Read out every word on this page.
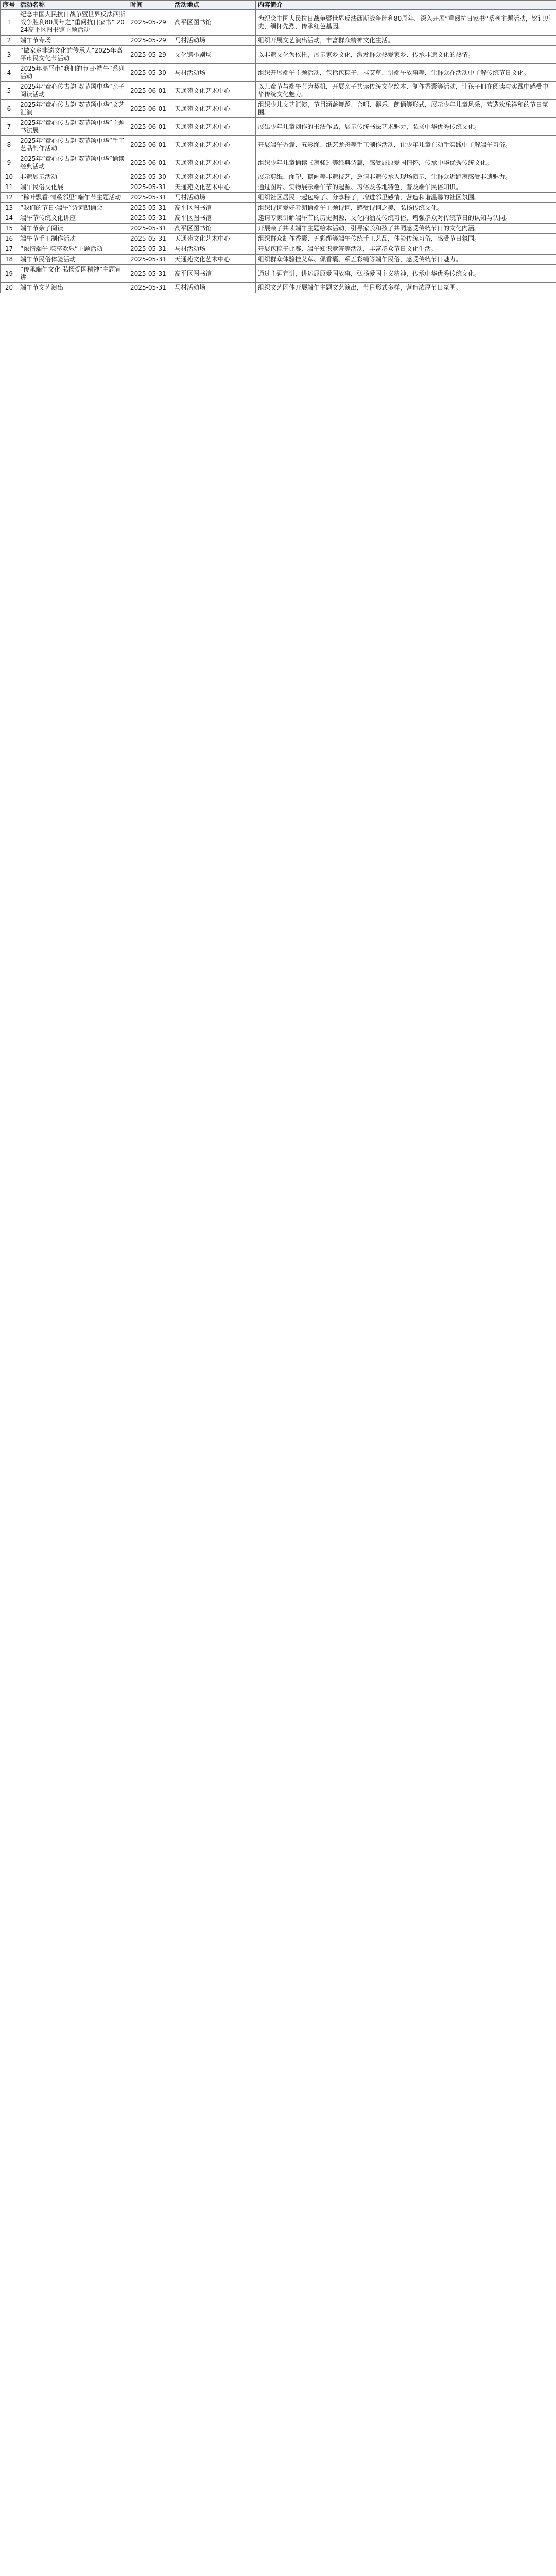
序号	活动名称	时间	活动地点	内容简介
1	纪念中国人民抗日战争暨世界反法西斯战争胜利80周年之“重阅抗日家书” 2024高平区图书馆主题活动	2025-05-29	高平区图书馆	为纪念中国人民抗日战争暨世界反法西斯战争胜利80周年，深入开展“重阅抗日家书”系列主题活动，铭记历史，缅怀先烈，传承红色基因。
2	端午节专场	2025-05-29	马村活动场	组织开展文艺演出活动，丰富群众精神文化生活。
3	“做家乡非遗文化的传承人”2025年高平市民文化节活动	2025-05-29	文化馆小剧场	以非遗文化为依托，展示家乡文化，激发群众热爱家乡、传承非遗文化的热情。
4	2025年高平市“我们的节日·端午”系列活动	2025-05-30	马村活动场	组织开展端午主题活动，包括包粽子、挂艾草、讲端午故事等，让群众在活动中了解传统节日文化。
5	2025年“童心传古韵 双节颂中华”亲子阅读活动	2025-06-01	天通苑文化艺术中心	以儿童节与端午节为契机，开展亲子共读传统文化绘本、制作香囊等活动，让孩子们在阅读与实践中感受中华传统文化魅力。
6	2025年“童心传古韵 双节颂中华”文艺汇演	2025-06-01	天通苑文化艺术中心	组织少儿文艺汇演，节目涵盖舞蹈、合唱、器乐、朗诵等形式，展示少年儿童风采，营造欢乐祥和的节日氛围。
7	2025年“童心传古韵 双节颂中华”主题书法展	2025-06-01	天通苑文化艺术中心	展出少年儿童创作的书法作品，展示传统书法艺术魅力，弘扬中华优秀传统文化。
8	2025年“童心传古韵 双节颂中华”手工艺品制作活动	2025-06-01	天通苑文化艺术中心	开展端午香囊、五彩绳、纸艺龙舟等手工制作活动，让少年儿童在动手实践中了解端午习俗。
9	2025年“童心传古韵 双节颂中华”诵读经典活动	2025-06-01	天通苑文化艺术中心	组织少年儿童诵读《离骚》等经典诗篇，感受屈原爱国情怀，传承中华优秀传统文化。
10	非遗展示活动	2025-05-30	天通苑文化艺术中心	展示剪纸、面塑、糖画等非遗技艺，邀请非遗传承人现场演示，让群众近距离感受非遗魅力。
11	端午民俗文化展	2025-05-31	天通苑文化艺术中心	通过图片、实物展示端午节的起源、习俗及各地特色，普及端午民俗知识。
12	“粽叶飘香·情系邻里”端午节主题活动	2025-05-31	马村活动场	组织社区居民一起包粽子、分享粽子，增进邻里感情，营造和谐温馨的社区氛围。
13	“我们的节日·端午”诗词朗诵会	2025-05-31	高平区图书馆	组织诗词爱好者朗诵端午主题诗词，感受诗词之美，弘扬传统文化。
14	端午节传统文化讲座	2025-05-31	高平区图书馆	邀请专家讲解端午节的历史渊源、文化内涵及传统习俗，增强群众对传统节日的认知与认同。
15	端午节亲子阅读	2025-05-31	高平区图书馆	开展亲子共读端午主题绘本活动，引导家长和孩子共同感受传统节日的文化内涵。
16	端午节手工制作活动	2025-05-31	天通苑文化艺术中心	组织群众制作香囊、五彩绳等端午传统手工艺品，体验传统习俗，感受节日氛围。
17	“浓情端午 粽享欢乐”主题活动	2025-05-31	马村活动场	开展包粽子比赛、端午知识竞答等活动，丰富群众节日文化生活。
18	端午节民俗体验活动	2025-05-31	天通苑文化艺术中心	组织群众体验挂艾草、佩香囊、系五彩绳等端午民俗，感受传统节日魅力。
19	“传承端午文化 弘扬爱国精神”主题宣讲	2025-05-31	高平区图书馆	通过主题宣讲，讲述屈原爱国故事，弘扬爱国主义精神，传承中华优秀传统文化。
20	端午节文艺演出	2025-05-31	马村活动场	组织文艺团体开展端午主题文艺演出，节目形式多样，营造浓厚节日氛围。
